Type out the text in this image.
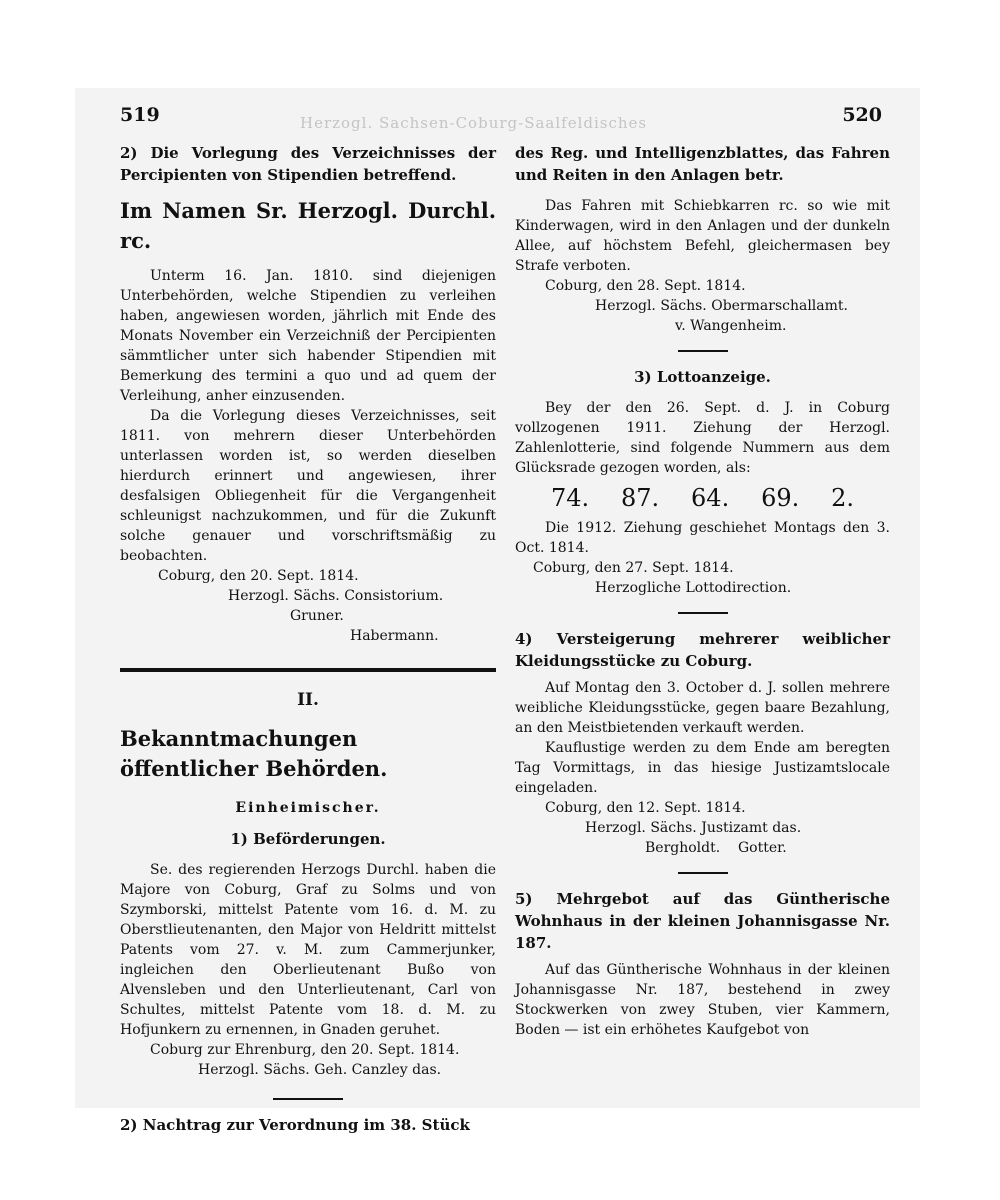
519	520
Herzogl. Sachsen-Coburg-Saalfeldisches

2) Die Vorlegung des Verzeichnisses der Percipienten von Stipendien betreffend.

Im Namen Sr. Herzogl. Durchl. rc.

Unterm 16. Jan. 1810. sind diejenigen Unterbehörden, welche Stipendien zu verleihen haben, angewiesen worden, jährlich mit Ende des Monats November ein Verzeichniß der Percipienten sämmtlicher unter sich habender Stipendien mit Bemerkung des termini a quo und ad quem der Verleihung, anher einzusenden.

Da die Vorlegung dieses Verzeichnisses, seit 1811. von mehrern dieser Unterbehörden unterlassen worden ist, so werden dieselben hierdurch erinnert und angewiesen, ihrer desfalsigen Obliegenheit für die Vergangenheit schleunigst nachzukommen, und für die Zukunft solche genauer und vorschriftsmäßig zu beobachten.

Coburg, den 20. Sept. 1814.

Herzogl. Sächs. Consistorium.

Gruner.

Habermann.

II.

Bekanntmachungen öffentlicher Behörden.

Einheimischer.

1) Beförderungen.

Se. des regierenden Herzogs Durchl. haben die Majore von Coburg, Graf zu Solms und von Szymborski, mittelst Patente vom 16. d. M. zu Oberstlieutenanten, den Major von Heldritt mittelst Patents vom 27. v. M. zum Cammerjunker, ingleichen den Oberlieutenant Bußo von Alvensleben und den Unterlieutenant, Carl von Schultes, mittelst Patente vom 18. d. M. zu Hofjunkern zu ernennen, in Gnaden geruhet.

Coburg zur Ehrenburg, den 20. Sept. 1814.

Herzogl. Sächs. Geh. Canzley das.

2) Nachtrag zur Verordnung im 38. Stück

des Reg. und Intelligenzblattes, das Fahren und Reiten in den Anlagen betr.

Das Fahren mit Schiebkarren rc. so wie mit Kinderwagen, wird in den Anlagen und der dunkeln Allee, auf höchstem Befehl, gleichermasen bey Strafe verboten.

Coburg, den 28. Sept. 1814.

Herzogl. Sächs. Obermarschallamt.

v. Wangenheim.

3) Lottoanzeige.

Bey der den 26. Sept. d. J. in Coburg vollzogenen 1911. Ziehung der Herzogl. Zahlenlotterie, sind folgende Nummern aus dem Glücksrade gezogen worden, als:

74. 87. 64. 69. 2.

Die 1912. Ziehung geschiehet Montags den 3. Oct. 1814.

Coburg, den 27. Sept. 1814.

Herzogliche Lottodirection.

4) Versteigerung mehrerer weiblicher Kleidungsstücke zu Coburg.

Auf Montag den 3. October d. J. sollen mehrere weibliche Kleidungsstücke, gegen baare Bezahlung, an den Meistbietenden verkauft werden.

Kauflustige werden zu dem Ende am beregten Tag Vormittags, in das hiesige Justizamtslocale eingeladen.

Coburg, den 12. Sept. 1814.

Herzogl. Sächs. Justizamt das.

Bergholdt.    Gotter.

5) Mehrgebot auf das Güntherische Wohnhaus in der kleinen Johannisgasse Nr. 187.

Auf das Güntherische Wohnhaus in der kleinen Johannisgasse Nr. 187, bestehend in zwey Stockwerken von zwey Stuben, vier Kammern, Boden — ist ein erhöhetes Kaufgebot von
